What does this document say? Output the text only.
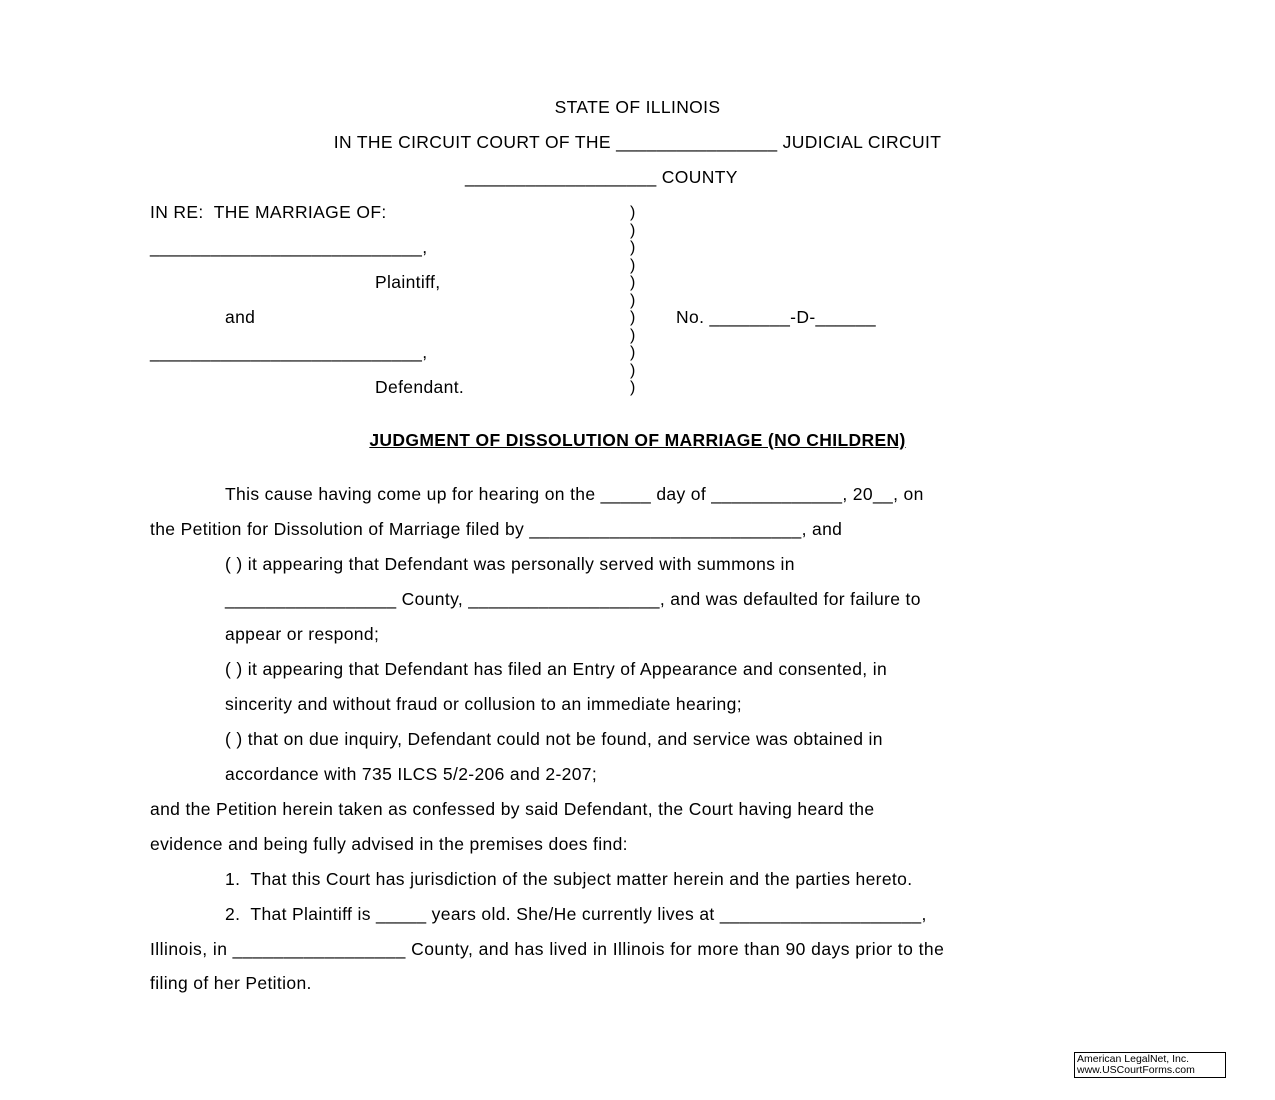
STATE OF ILLINOIS
IN THE CIRCUIT COURT OF THE ________________ JUDICIAL CIRCUIT
___________________ COUNTY
IN RE:  THE MARRIAGE OF:
___________________________,
Plaintiff,
and	No. ________-D-______
___________________________,
Defendant.
)
)
)
)
)
)
)
)
)
)
)
JUDGMENT OF DISSOLUTION OF MARRIAGE (NO CHILDREN)
This cause having come up for hearing on the _____ day of _____________, 20__, on
the Petition for Dissolution of Marriage filed by ___________________________, and
( ) it appearing that Defendant was personally served with summons in
_________________ County, ___________________, and was defaulted for failure to
appear or respond;
( ) it appearing that Defendant has filed an Entry of Appearance and consented, in
sincerity and without fraud or collusion to an immediate hearing;
( ) that on due inquiry, Defendant could not be found, and service was obtained in
accordance with 735 ILCS 5/2-206 and 2-207;
and the Petition herein taken as confessed by said Defendant, the Court having heard the
evidence and being fully advised in the premises does find:
1.  That this Court has jurisdiction of the subject matter herein and the parties hereto.
2.  That Plaintiff is _____ years old. She/He currently lives at ____________________,
Illinois, in _________________ County, and has lived in Illinois for more than 90 days prior to the
filing of her Petition.
American LegalNet, Inc.
www.USCourtForms.com
